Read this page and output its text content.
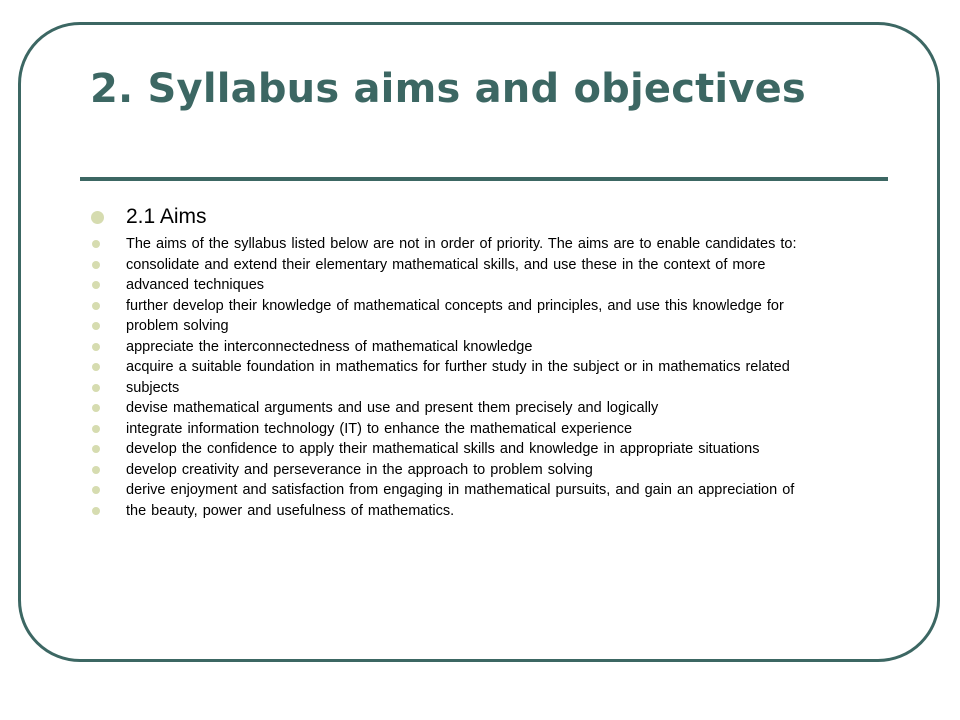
2. Syllabus aims and objectives
2.1 Aims
The aims of the syllabus listed below are not in order of priority. The aims are to enable candidates to:
consolidate and extend their elementary mathematical skills, and use these in the context of more
advanced techniques
further develop their knowledge of mathematical concepts and principles, and use this knowledge for
problem solving
appreciate the interconnectedness of mathematical knowledge
acquire a suitable foundation in mathematics for further study in the subject or in mathematics related
subjects
devise mathematical arguments and use and present them precisely and logically
integrate information technology (IT) to enhance the mathematical experience
develop the confidence to apply their mathematical skills and knowledge in appropriate situations
develop creativity and perseverance in the approach to problem solving
derive enjoyment and satisfaction from engaging in mathematical pursuits, and gain an appreciation of
the beauty, power and usefulness of mathematics.
